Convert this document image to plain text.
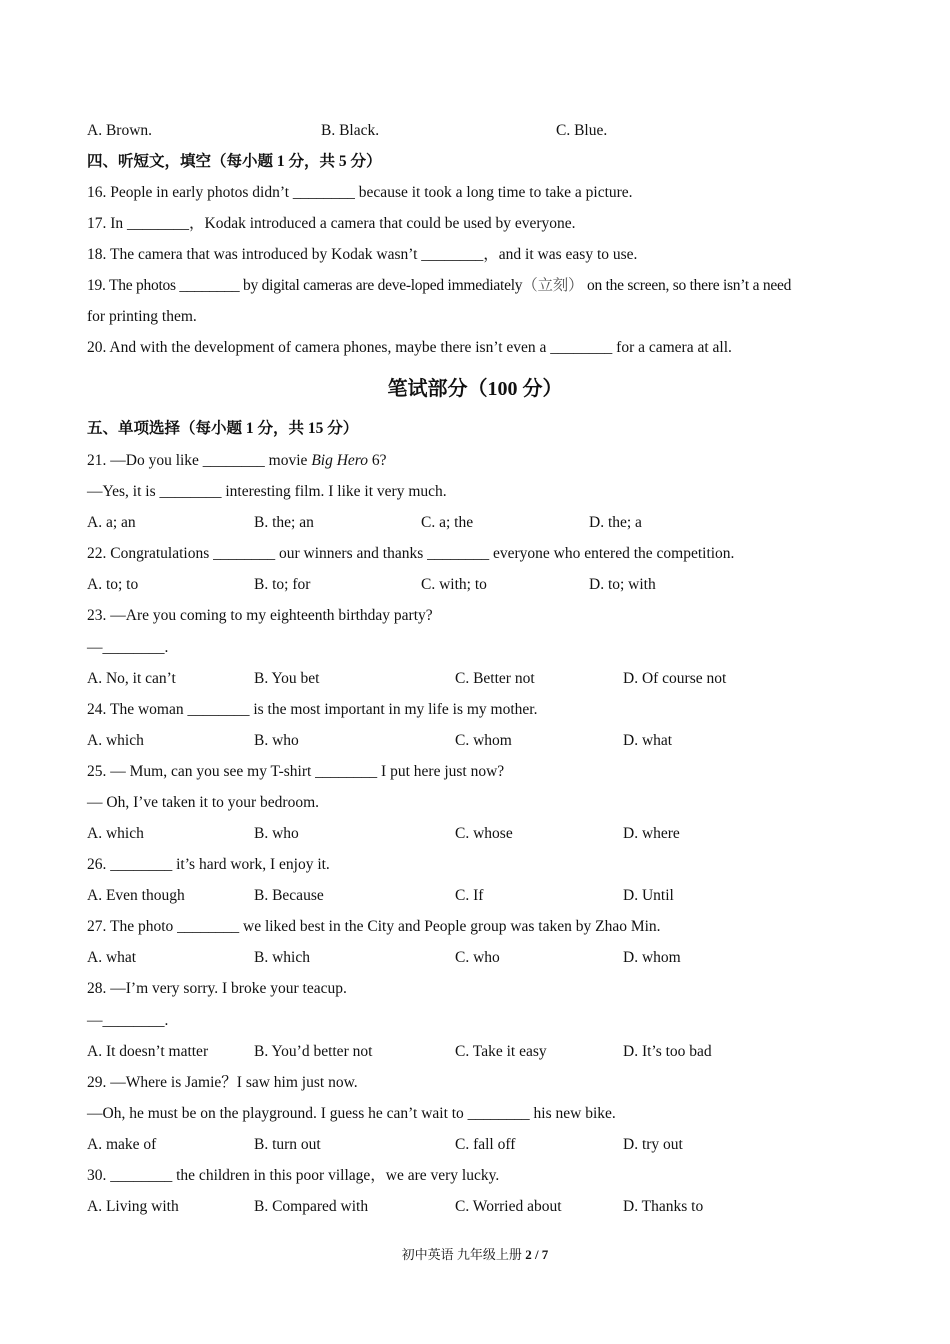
A. Brown.	B. Black.	C. Blue.
四、听短文，填空（每小题 1 分，共 5 分）
16. People in early photos didn’t ________ because it took a long time to take a picture.
17. In ________，Kodak introduced a camera that could be used by everyone.
18. The camera that was introduced by Kodak wasn’t ________，and it was easy to use.
19. The photos ________ by digital cameras are deve-loped immediately（立刻） on the screen, so there isn’t a need
for printing them.
20. And with the development of camera phones, maybe there isn’t even a ________ for a camera at all.
笔试部分（100 分）
五、单项选择（每小题 1 分，共 15 分）
21. —Do you like ________ movie Big Hero 6?
—Yes, it is ________ interesting film. I like it very much.
A. a; an	B. the; an	C. a; the	D. the; a
22. Congratulations ________ our winners and thanks ________ everyone who entered the competition.
A. to; to	B. to; for	C. with; to	D. to; with
23. —Are you coming to my eighteenth birthday party?
—________.
A. No, it can’t	B. You bet	C. Better not	D. Of course not
24. The woman ________ is the most important in my life is my mother.
A. which	B. who	C. whom	D. what
25. — Mum, can you see my T-shirt ________ I put here just now?
— Oh, I’ve taken it to your bedroom.
A. which	B. who	C. whose	D. where
26. ________ it’s hard work, I enjoy it.
A. Even though	B. Because	C. If	D. Until
27. The photo ________ we liked best in the City and People group was taken by Zhao Min.
A. what	B. which	C. who	D. whom
28. —I’m very sorry. I broke your teacup.
—________.
A. It doesn’t matter	B. You’d better not	C. Take it easy	D. It’s too bad
29. —Where is Jamie？I saw him just now.
—Oh, he must be on the playground. I guess he can’t wait to ________ his new bike.
A. make of	B. turn out	C. fall off	D. try out
30. ________ the children in this poor village，we are very lucky.
A. Living with	B. Compared with	C. Worried about	D. Thanks to
初中英语 九年级上册 2 / 7
